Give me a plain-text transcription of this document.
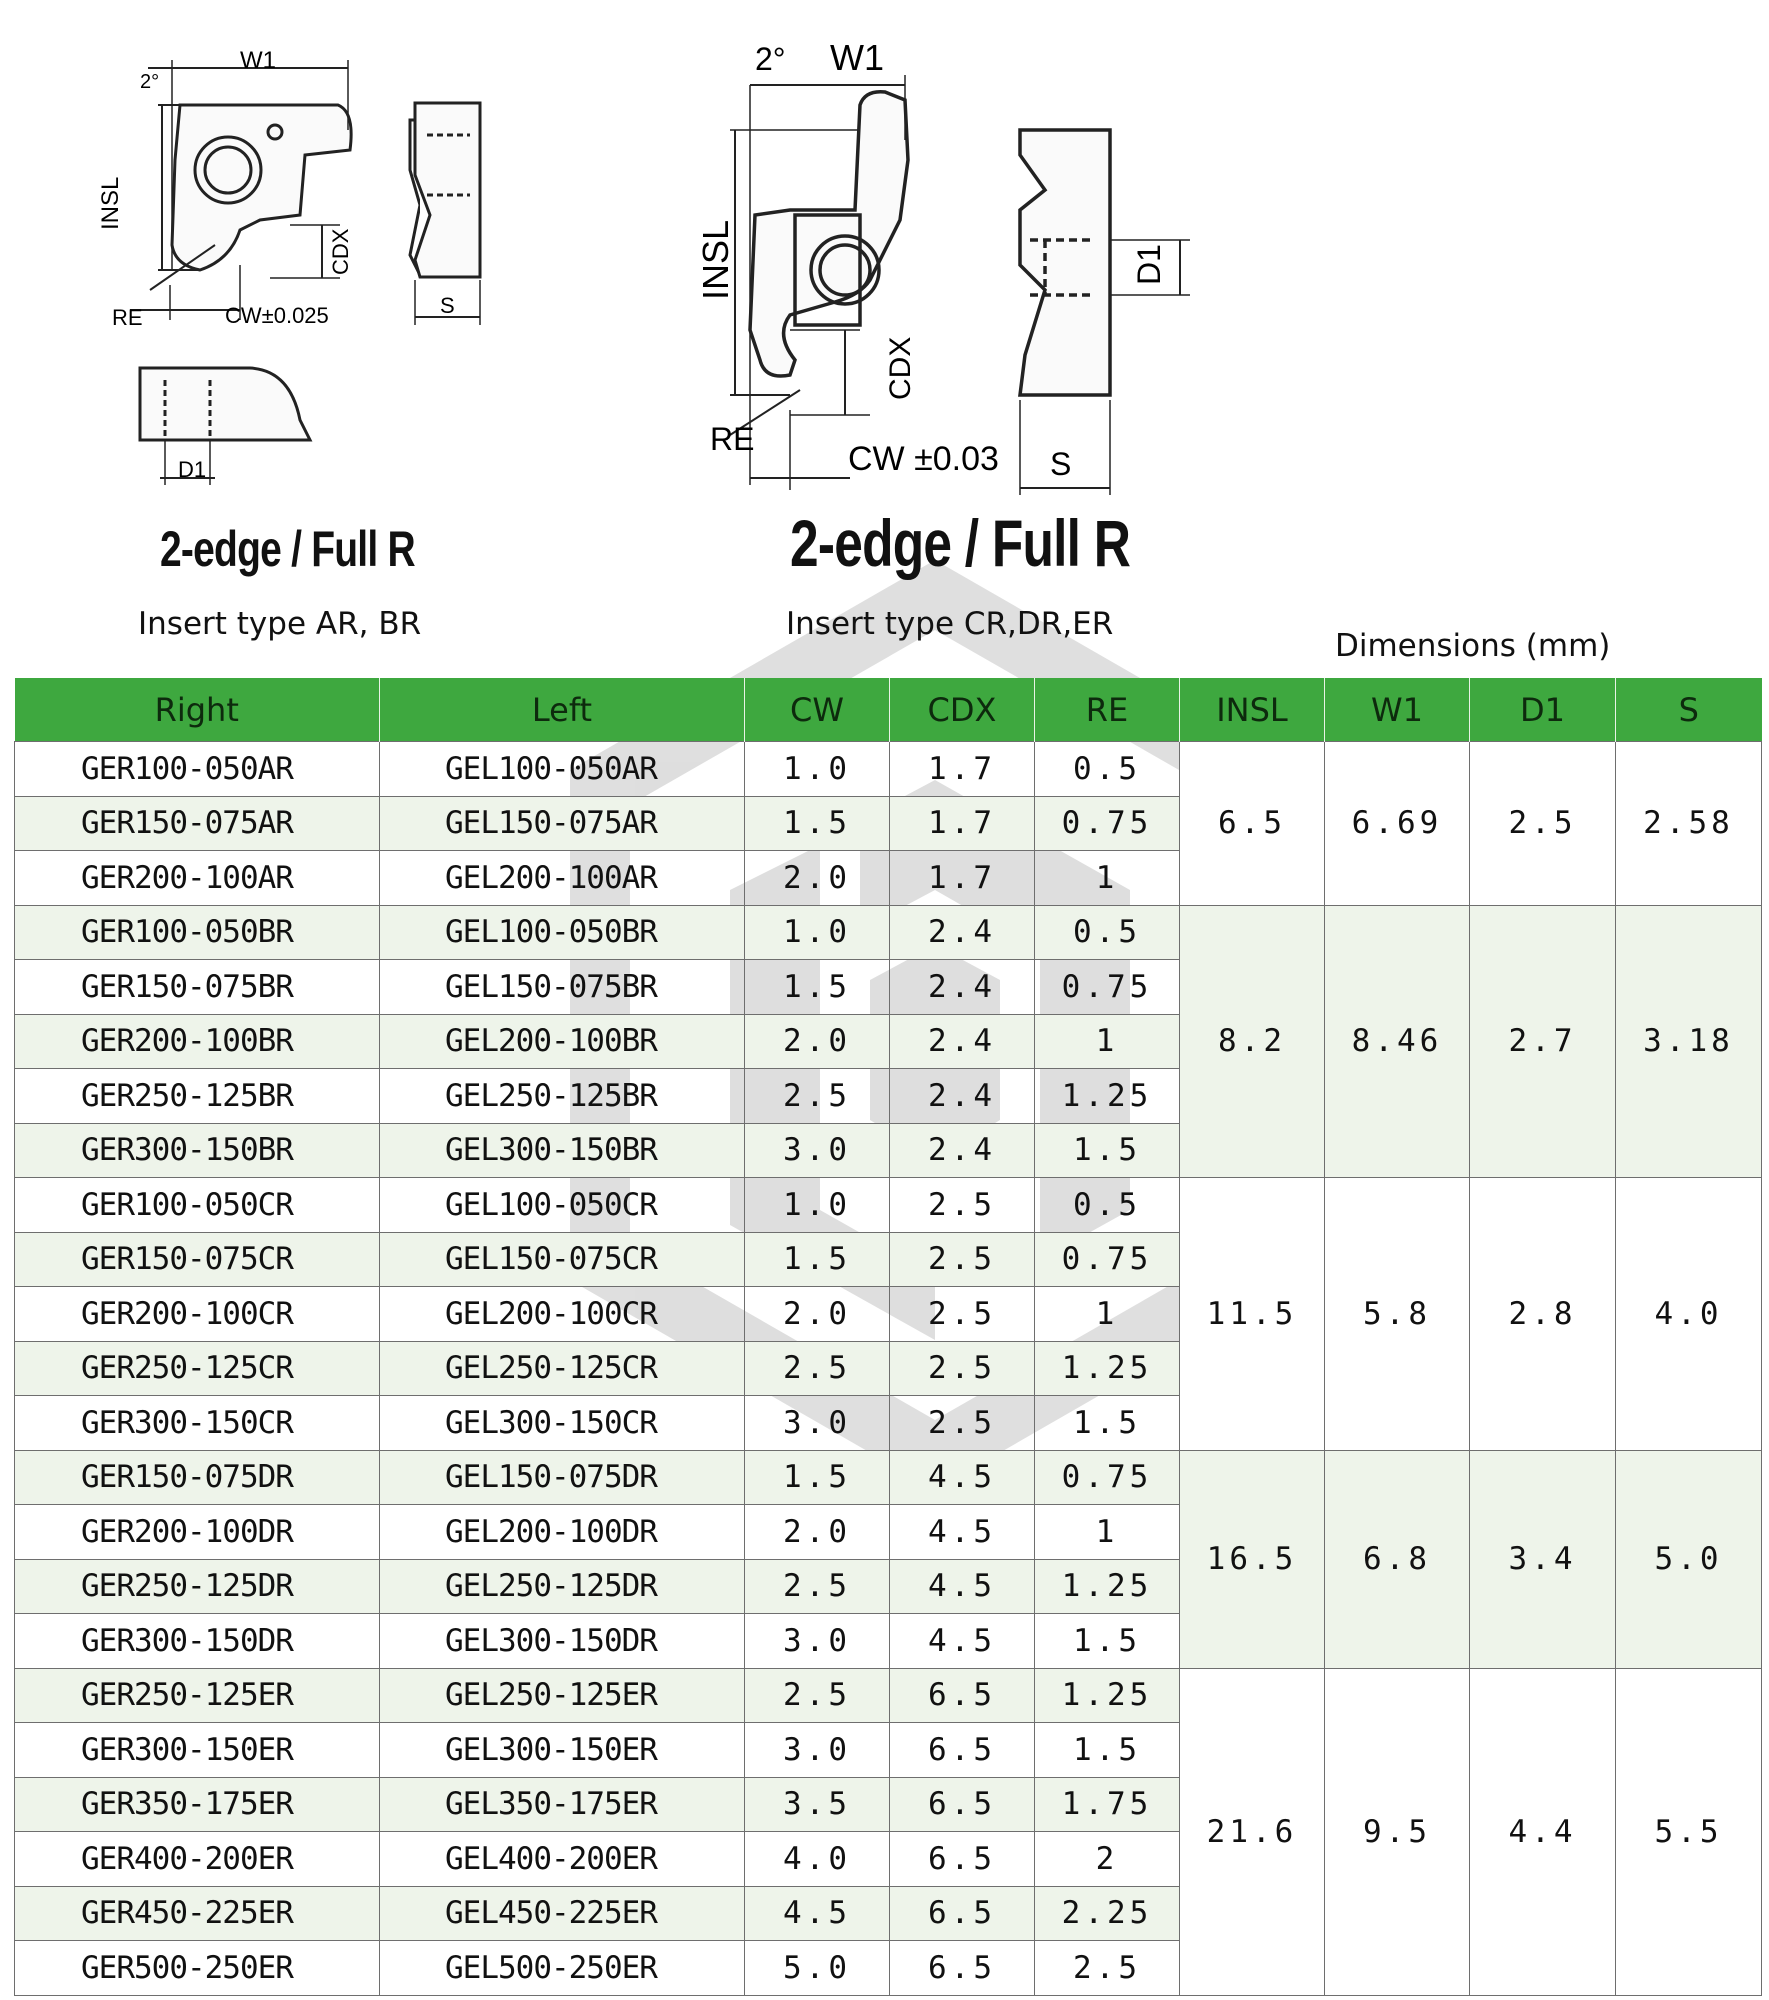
W1
2°
INSL
RE
CDX
CW±0.025
D1
S
2-edge / Full R
Insert type AR, BR
W1
2°
INSL
RE
CDX
CW ±0.03 S
D1
2-edge / Full R
Insert type CR,DR,ER
Dimensions (mm)
Right	Left	CW	CDX	RE	INSL	W1	D1	S
GER100-050AR	GEL100-050AR	1.0	1.7	0.5	6.5	6.69	2.5	2.58
GER150-075AR	GEL150-075AR	1.5	1.7	0.75				
GER200-100AR	GEL200-100AR	2.0	1.7	1				
GER100-050BR	GEL100-050BR	1.0	2.4	0.5	8.2	8.46	2.7	3.18
GER150-075BR	GEL150-075BR	1.5	2.4	0.75				
GER200-100BR	GEL200-100BR	2.0	2.4	1				
GER250-125BR	GEL250-125BR	2.5	2.4	1.25				
GER300-150BR	GEL300-150BR	3.0	2.4	1.5				
GER100-050CR	GEL100-050CR	1.0	2.5	0.5	11.5	5.8	2.8	4.0
GER150-075CR	GEL150-075CR	1.5	2.5	0.75				
GER200-100CR	GEL200-100CR	2.0	2.5	1				
GER250-125CR	GEL250-125CR	2.5	2.5	1.25				
GER300-150CR	GEL300-150CR	3.0	2.5	1.5				
GER150-075DR	GEL150-075DR	1.5	4.5	0.75	16.5	6.8	3.4	5.0
GER200-100DR	GEL200-100DR	2.0	4.5	1				
GER250-125DR	GEL250-125DR	2.5	4.5	1.25				
GER300-150DR	GEL300-150DR	3.0	4.5	1.5				
GER250-125ER	GEL250-125ER	2.5	6.5	1.25	21.6	9.5	4.4	5.5
GER300-150ER	GEL300-150ER	3.0	6.5	1.5				
GER350-175ER	GEL350-175ER	3.5	6.5	1.75				
GER400-200ER	GEL400-200ER	4.0	6.5	2				
GER450-225ER	GEL450-225ER	4.5	6.5	2.25				
GER500-250ER	GEL500-250ER	5.0	6.5	2.5				
